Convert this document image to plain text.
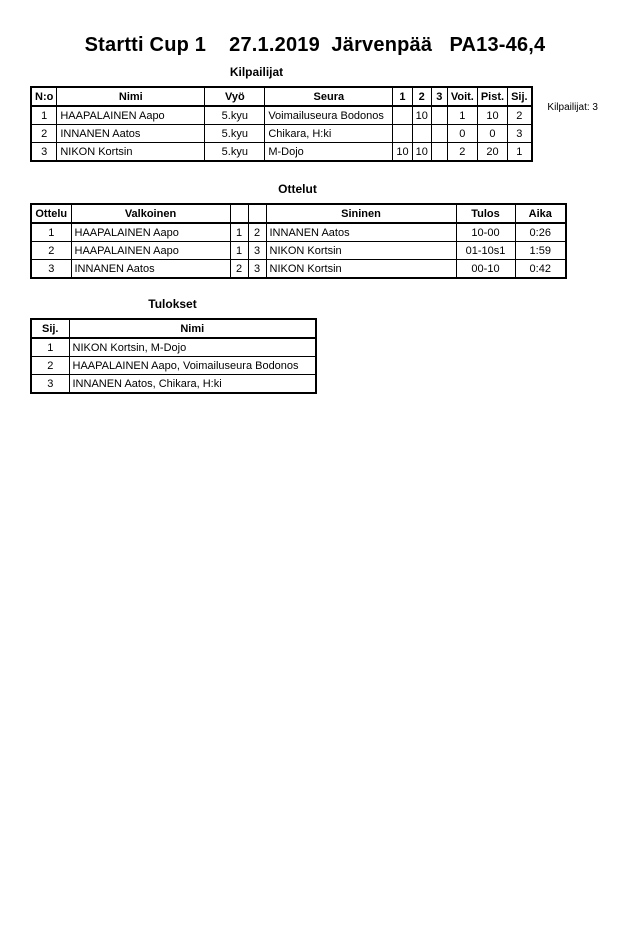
Startti Cup 1    27.1.2019  Järvenpää   PA13-46,4
Kilpailijat: 3
Kilpailijat
N:o	Nimi	Vyö	Seura	1	2	3	Voit.	Pist.	Sij.
1	HAAPALAINEN Aapo	5.kyu	Voimailuseura Bodonos		10		1	10	2
2	INNANEN Aatos	5.kyu	Chikara, H:ki				0	0	3
3	NIKON Kortsin	5.kyu	M-Dojo	10	10		2	20	1
Ottelut
Ottelu	Valkoinen			Sininen	Tulos	Aika
1	HAAPALAINEN Aapo	1	2	INNANEN Aatos	10-00	0:26
2	HAAPALAINEN Aapo	1	3	NIKON Kortsin	01-10s1	1:59
3	INNANEN Aatos	2	3	NIKON Kortsin	00-10	0:42
Tulokset
Sij.	Nimi
1	NIKON Kortsin, M-Dojo
2	HAAPALAINEN Aapo, Voimailuseura Bodonos
3	INNANEN Aatos, Chikara, H:ki
